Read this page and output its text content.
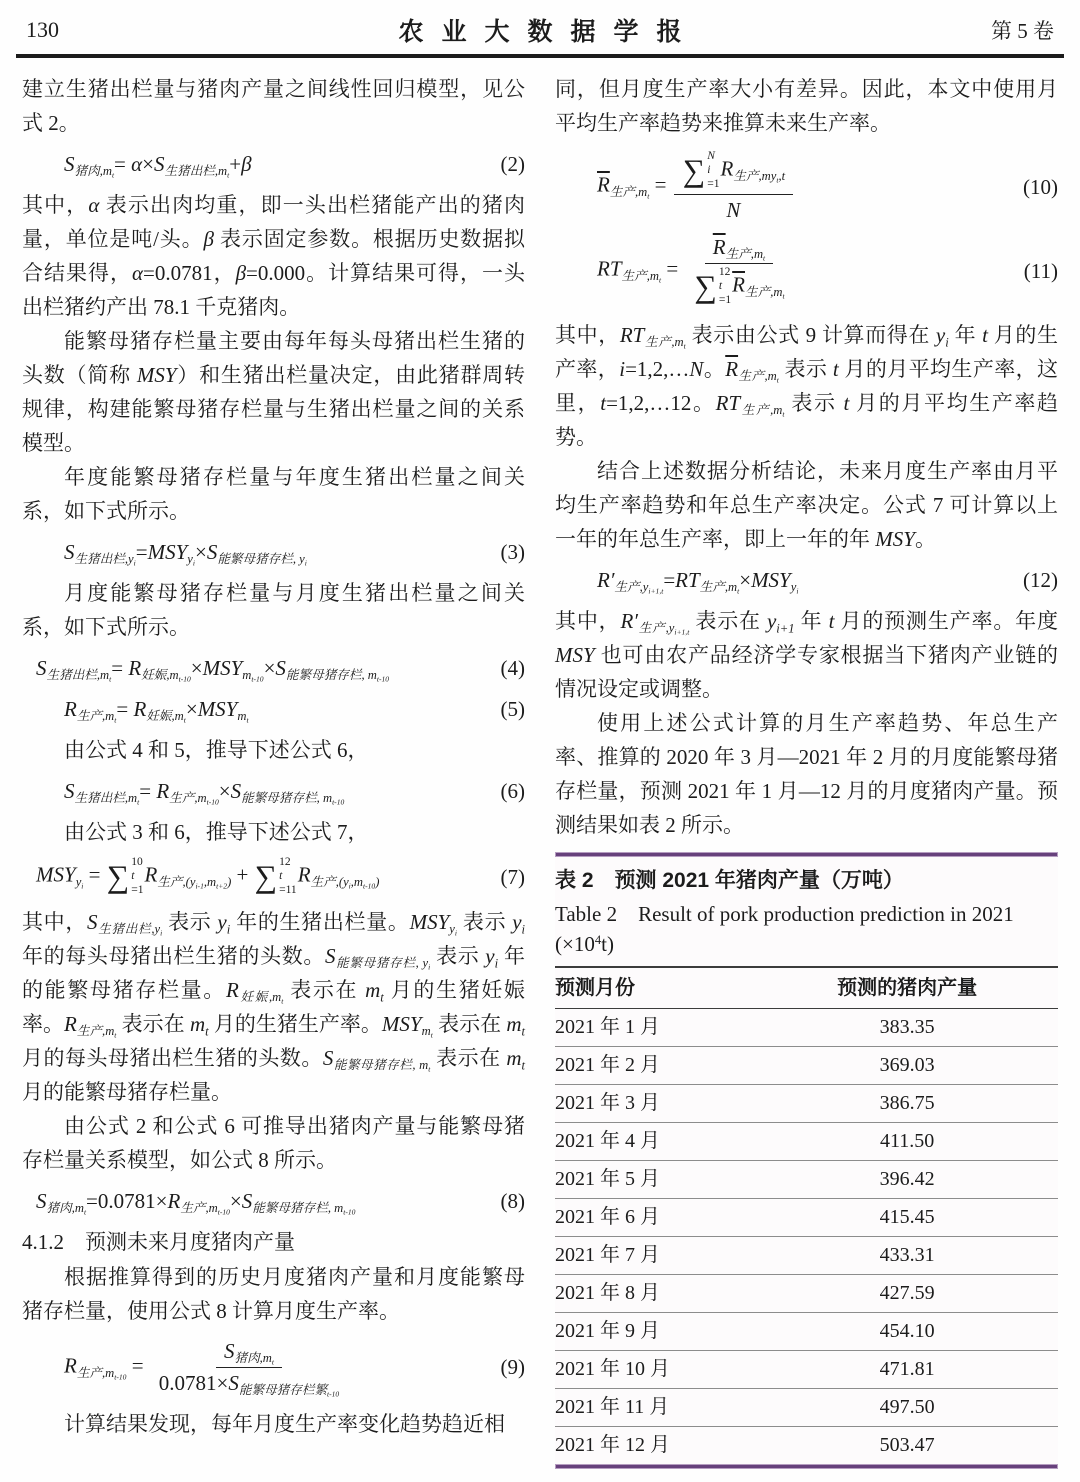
130	农业大数据学报	第 5 卷

建立生猪出栏量与猪肉产量之间线性回归模型，见公式 2。

$S_{猪肉,m_t}= \alpha\times S_{生猪出栏,m_t}+\beta$	(2)

其中，α 表示出肉均重，即一头出栏猪能产出的猪肉量，单位是吨/头。β 表示固定参数。根据历史数据拟合结果得，α=0.0781，β=0.000。计算结果可得，一头出栏猪约产出 78.1 千克猪肉。

能繁母猪存栏量主要由每年每头母猪出栏生猪的头数（简称 MSY）和生猪出栏量决定，由此猪群周转规律，构建能繁母猪存栏量与生猪出栏量之间的关系模型。

年度能繁母猪存栏量与年度生猪出栏量之间关系，如下式所示。

$S_{生猪出栏,y_i}=MSY_{y_i}\times S_{能繁母猪存栏, y_i}$	(3)

月度能繁母猪存栏量与月度生猪出栏量之间关系，如下式所示。

$S_{生猪出栏,m_t}= R_{妊娠,m_{t-10}}\times MSY_{m_{t-10}}\times S_{能繁母猪存栏, m_{t-10}}$	(4)
$R_{生产,m_t}= R_{妊娠,m_t}\times MSY_{m_t}$	(5)

由公式 4 和 5，推导下述公式 6，

$S_{生猪出栏,m_t}= R_{生产,m_{t-10}}\times S_{能繁母猪存栏, m_{t-10}}$	(6)

由公式 3 和 6，推导下述公式 7，

$MSY_{y_i}$ = ∑ 10
t
=1
$R_{生产,(y_{i-1},m_{t+2})}$ + ∑ 12
t
=11
$R_{生产,(y_i,m_{t-10})}$	(7)

其中，$S_{生猪出栏,y_i}$ 表示 $y_i$ 年的生猪出栏量。$MSY_{y_i}$ 表示 $y_i$ 年的每头母猪出栏生猪的头数。$S_{能繁母猪存栏, y_i}$ 表示 $y_i$ 年的能繁母猪存栏量。$R_{妊娠,m_t}$ 表示在 $m_t$ 月的生猪妊娠率。$R_{生产,m_t}$ 表示在 $m_t$ 月的生猪生产率。$MSY_{m_t}$ 表示在 $m_t$ 月的每头母猪出栏生猪的头数。$S_{能繁母猪存栏, m_t}$ 表示在 $m_t$ 月的能繁母猪存栏量。

由公式 2 和公式 6 可推导出猪肉产量与能繁母猪存栏量关系模型，如公式 8 所示。

$S_{猪肉,m_t}=0.0781\times R_{生产,m_{t-10}}\times S_{能繁母猪存栏, m_{t-10}}$	(8)

4.1.2　预测未来月度猪肉产量

根据推算得到的历史月度猪肉产量和月度能繁母猪存栏量，使用公式 8 计算月度生产率。

$R_{生产,m_{t-10}} = \frac{S_{猪肉,m_t}}{0.0781\times S_{能繁母猪存栏繁_{t-10}}}$	(9)

计算结果发现，每年月度生产率变化趋势趋近相

同，但月度生产率大小有差异。因此，本文中使用月平均生产率趋势来推算未来生产率。

$\overline{R}_{生产,m_t}$ = ∑ N
i
=1
$R_{生产,my_t,t}$
N	(10)
$RT_{生产,m_t} = \overline{R}_{生产,m_t}$
∑ 12
t
=1
$\overline{R}_{生产,m_t}$	(11)

其中，$RT_{生产,m_t}$ 表示由公式 9 计算而得在 $y_i$ 年 t 月的生产率，i=1,2,…N。$\overline{R}_{生产,m_t}$ 表示 t 月的月平均生产率，这里，t=1,2,…12。$RT_{生产,m_t}$ 表示 t 月的月平均生产率趋势。

结合上述数据分析结论，未来月度生产率由月平均生产率趋势和年总生产率决定。公式 7 可计算以上一年的年总生产率，即上一年的年 MSY。

$R'_{生产,y_{i+1,t}}=RT_{生产,m_t}\times MSY_{y_i}$	(12)

其中，$R'_{生产,y_{i+1,t}}$ 表示在 $y_{i+1}$ 年 t 月的预测生产率。年度 MSY 也可由农产品经济学专家根据当下猪肉产业链的情况设定或调整。

使用上述公式计算的月生产率趋势、年总生产率、推算的 2020 年 3 月—2021 年 2 月的月度能繁母猪存栏量，预测 2021 年 1 月—12 月的月度猪肉产量。预测结果如表 2 所示。

表 2　预测 2021 年猪肉产量（万吨）

Table 2　Result of pork production prediction in 2021 $(\times 10^4t)$

预测月份	预测的猪肉产量
2021 年 1 月	383.35
2021 年 2 月	369.03
2021 年 3 月	386.75
2021 年 4 月	411.50
2021 年 5 月	396.42
2021 年 6 月	415.45
2021 年 7 月	433.31
2021 年 8 月	427.59
2021 年 9 月	454.10
2021 年 10 月	471.81
2021 年 11 月	497.50
2021 年 12 月	503.47
